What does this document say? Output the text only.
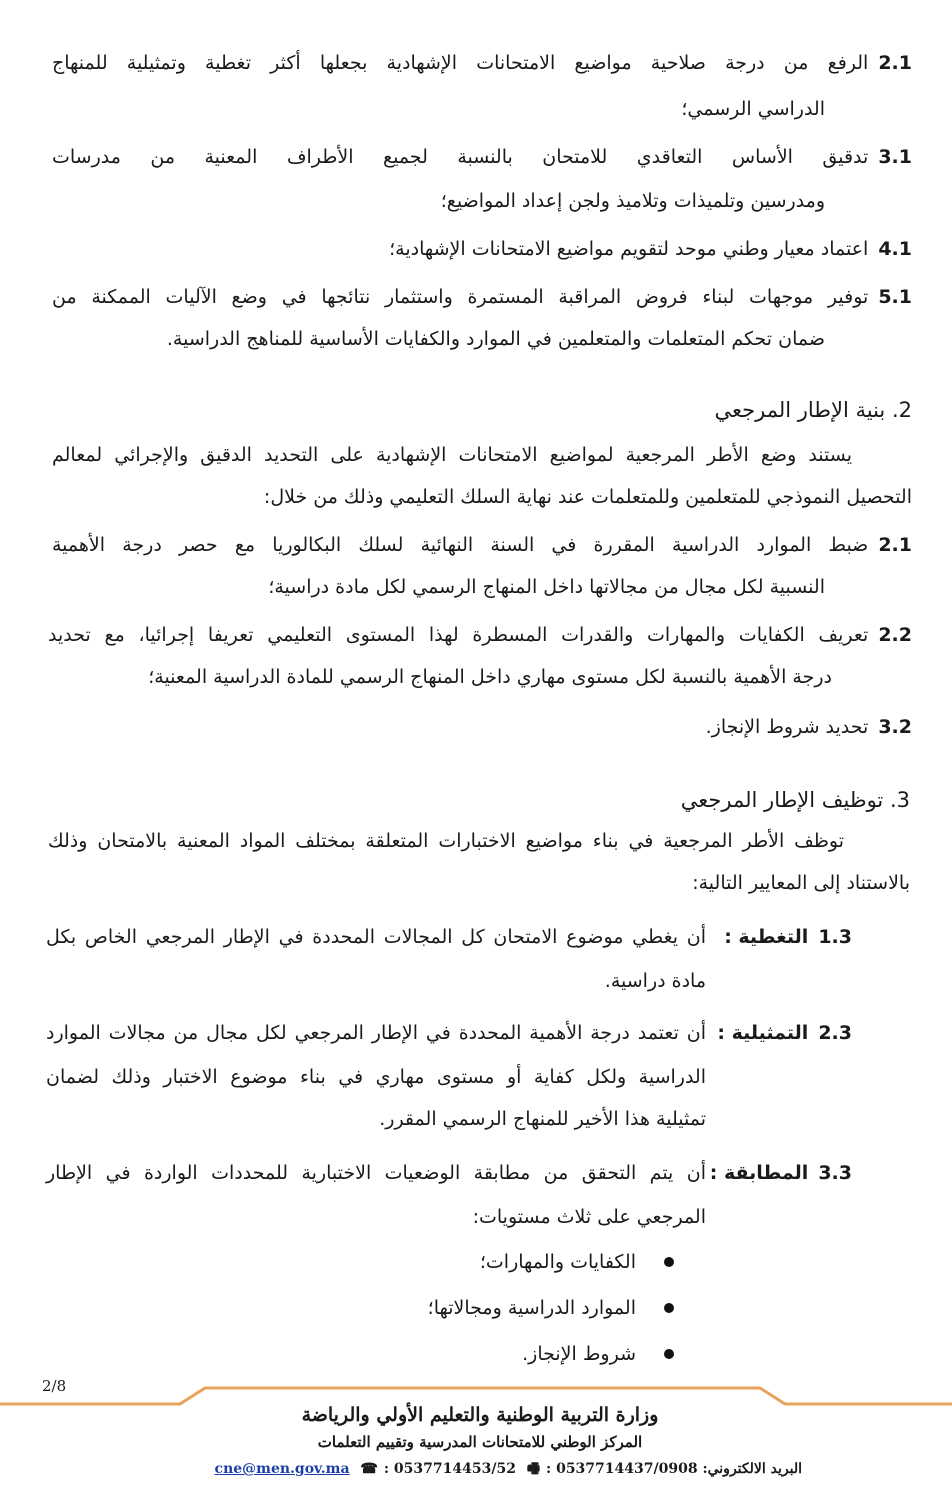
2.1الرفع من درجة صلاحية مواضيع الامتحانات الإشهادية بجعلها أكثر تغطية وتمثيلية للمنهاج
الدراسي الرسمي؛
3.1تدقيق الأساس التعاقدي للامتحان بالنسبة لجميع الأطراف المعنية من مدرسات
ومدرسين وتلميذات وتلاميذ ولجن إعداد المواضيع؛
4.1اعتماد معيار وطني موحد لتقويم مواضيع الامتحانات الإشهادية؛
5.1توفير موجهات لبناء فروض المراقبة المستمرة واستثمار نتائجها في وضع الآليات الممكنة من
ضمان تحكم المتعلمات والمتعلمين في الموارد والكفايات الأساسية للمناهج الدراسية.
2. بنية الإطار المرجعي
يستند وضع الأطر المرجعية لمواضيع الامتحانات الإشهادية على التحديد الدقيق والإجرائي لمعالم
التحصيل النموذجي للمتعلمين وللمتعلمات عند نهاية السلك التعليمي وذلك من خلال:
2.1ضبط الموارد الدراسية المقررة في السنة النهائية لسلك البكالوريا مع حصر درجة الأهمية
النسبية لكل مجال من مجالاتها داخل المنهاج الرسمي لكل مادة دراسية؛
2.2تعريف الكفايات والمهارات والقدرات المسطرة لهذا المستوى التعليمي تعريفا إجرائيا، مع تحديد
درجة الأهمية بالنسبة لكل مستوى مهاري داخل المنهاج الرسمي للمادة الدراسية المعنية؛
3.2تحديد شروط الإنجاز.
3. توظيف الإطار المرجعي
توظف الأطر المرجعية في بناء مواضيع الاختبارات المتعلقة بمختلف المواد المعنية بالامتحان وذلك
بالاستناد إلى المعايير التالية:
1.3التغطية :
أن يغطي موضوع الامتحان كل المجالات المحددة في الإطار المرجعي الخاص بكل
مادة دراسية.
2.3التمثيلية :
أن تعتمد درجة الأهمية المحددة في الإطار المرجعي لكل مجال من مجالات الموارد
الدراسية ولكل كفاية أو مستوى مهاري في بناء موضوع الاختبار وذلك لضمان
تمثيلية هذا الأخير للمنهاج الرسمي المقرر.
3.3المطابقة :
أن يتم التحقق من مطابقة الوضعيات الاختبارية للمحددات الواردة في الإطار
المرجعي على ثلاث مستويات:
الكفايات والمهارات؛
الموارد الدراسية ومجالاتها؛
شروط الإنجاز.
2/8
وزارة التربية الوطنية والتعليم الأولي والرياضة
المركز الوطني للامتحانات المدرسية وتقييم التعلمات
البريد الالكتروني: cne@men.gov.ma ☎ : 0537714453/52 🖷 : 0537714437/0908
